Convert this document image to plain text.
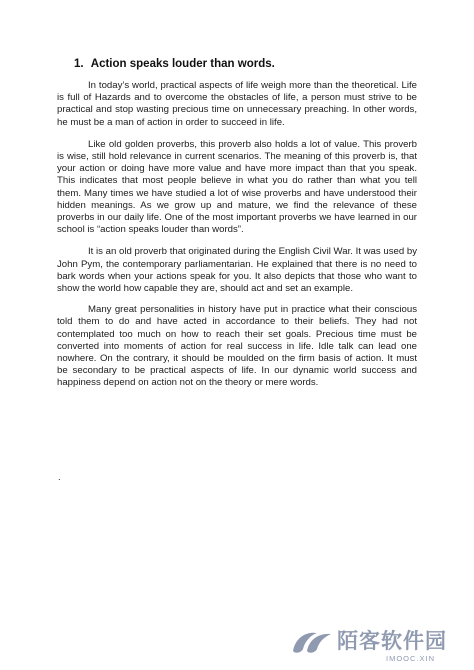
1. Action speaks louder than words.

In today’s world, practical aspects of life weigh more than the theoretical. Life is full of Hazards and to overcome the obstacles of life, a person must strive to be practical and stop wasting precious time on unnecessary preaching. In other words, he must be a man of action in order to succeed in life.

Like old golden proverbs, this proverb also holds a lot of value. This proverb is wise, still hold relevance in current scenarios. The meaning of this proverb is, that your action or doing have more value and have more impact than that you speak. This indicates that most people believe in what you do rather than what you tell them. Many times we have studied a lot of wise proverbs and have understood their hidden meanings. As we grow up and mature, we find the relevance of these proverbs in our daily life. One of the most important proverbs we have learned in our school is “action speaks louder than words”.

It is an old proverb that originated during the English Civil War. It was used by John Pym, the contemporary parliamentarian. He explained that there is no need to bark words when your actions speak for you. It also depicts that those who want to show the world how capable they are, should act and set an example.

Many great personalities in history have put in practice what their conscious told them to do and have acted in accordance to their beliefs. They had not contemplated too much on how to reach their set goals. Precious time must be converted into moments of action for real success in life. Idle talk can lead one nowhere. On the contrary, it should be moulded on the firm basis of action. It must be secondary to be practical aspects of life. In our dynamic world success and happiness depend on action not on the theory or mere words.

.
陌客软件园
IMOOC.XIN
